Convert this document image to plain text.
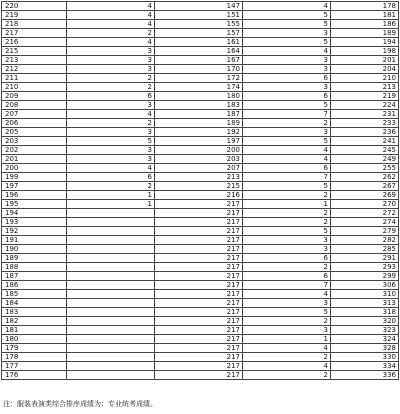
220	4	147	4	178
219	4	151	5	181
218	4	155	5	186
217	2	157	3	189
216	4	161	5	194
215	3	164	4	198
213	3	167	3	201
212	3	170	3	204
211	2	172	6	210
210	2	174	3	213
209	6	180	6	219
208	3	183	5	224
207	4	187	7	231
206	2	189	2	233
205	3	192	3	236
203	5	197	5	241
202	3	200	4	245
201	3	203	4	249
200	4	207	6	255
199	6	213	7	262
197	2	215	5	267
196	1	216	2	269
195	1	217	1	270
194		217	2	272
193		217	2	274
192		217	5	279
191		217	3	282
190		217	3	285
189		217	6	291
188		217	2	293
187		217	6	299
186		217	7	306
185		217	4	310
184		217	3	313
183		217	5	318
182		217	2	320
181		217	3	323
180		217	1	324
179		217	4	328
178		217	2	330
177		217	4	334
176		217	2	336
注：服装表演类综合排序成绩为：专业统考成绩。
